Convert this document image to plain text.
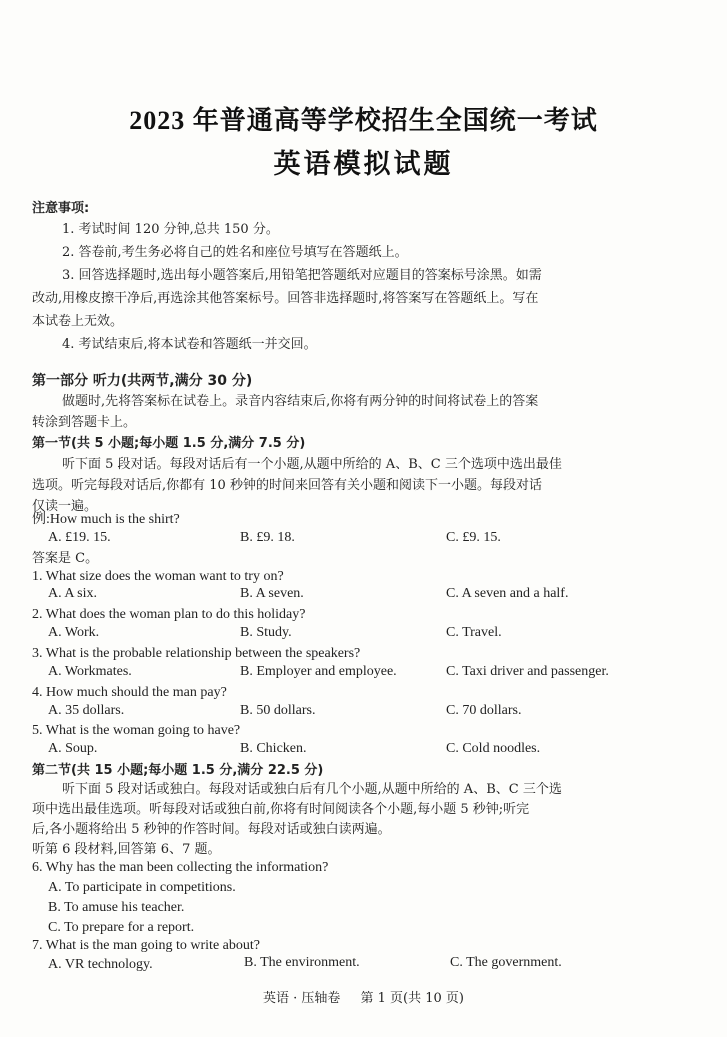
2023 年普通高等学校招生全国统一考试
英语模拟试题
注意事项:
1. 考试时间 120 分钟,总共 150 分。
2. 答卷前,考生务必将自己的姓名和座位号填写在答题纸上。
3. 回答选择题时,选出每小题答案后,用铅笔把答题纸对应题目的答案标号涂黑。如需
改动,用橡皮擦干净后,再选涂其他答案标号。回答非选择题时,将答案写在答题纸上。写在
本试卷上无效。
4. 考试结束后,将本试卷和答题纸一并交回。
第一部分 听力(共两节,满分 30 分)
做题时,先将答案标在试卷上。录音内容结束后,你将有两分钟的时间将试卷上的答案
转涂到答题卡上。
第一节(共 5 小题;每小题 1.5 分,满分 7.5 分)
听下面 5 段对话。每段对话后有一个小题,从题中所给的 A、B、C 三个选项中选出最佳
选项。听完每段对话后,你都有 10 秒钟的时间来回答有关小题和阅读下一小题。每段对话
仅读一遍。
例:How much is the shirt?
A. £19. 15.	B. £9. 18.	C. £9. 15.
答案是 C。
1. What size does the woman want to try on?
A. A six.	B. A seven.	C. A seven and a half.
2. What does the woman plan to do this holiday?
A. Work.	B. Study.	C. Travel.
3. What is the probable relationship between the speakers?
A. Workmates.	B. Employer and employee.	C. Taxi driver and passenger.
4. How much should the man pay?
A. 35 dollars.	B. 50 dollars.	C. 70 dollars.
5. What is the woman going to have?
A. Soup.	B. Chicken.	C. Cold noodles.
第二节(共 15 小题;每小题 1.5 分,满分 22.5 分)
听下面 5 段对话或独白。每段对话或独白后有几个小题,从题中所给的 A、B、C 三个选
项中选出最佳选项。听每段对话或独白前,你将有时间阅读各个小题,每小题 5 秒钟;听完
后,各小题将给出 5 秒钟的作答时间。每段对话或独白读两遍。
听第 6 段材料,回答第 6、7 题。
6. Why has the man been collecting the information?
A. To participate in competitions.
B. To amuse his teacher.
C. To prepare for a report.
7. What is the man going to write about?
A. VR technology.	B. The environment.	C. The government.
英语 · 压轴卷 第 1 页(共 10 页)
